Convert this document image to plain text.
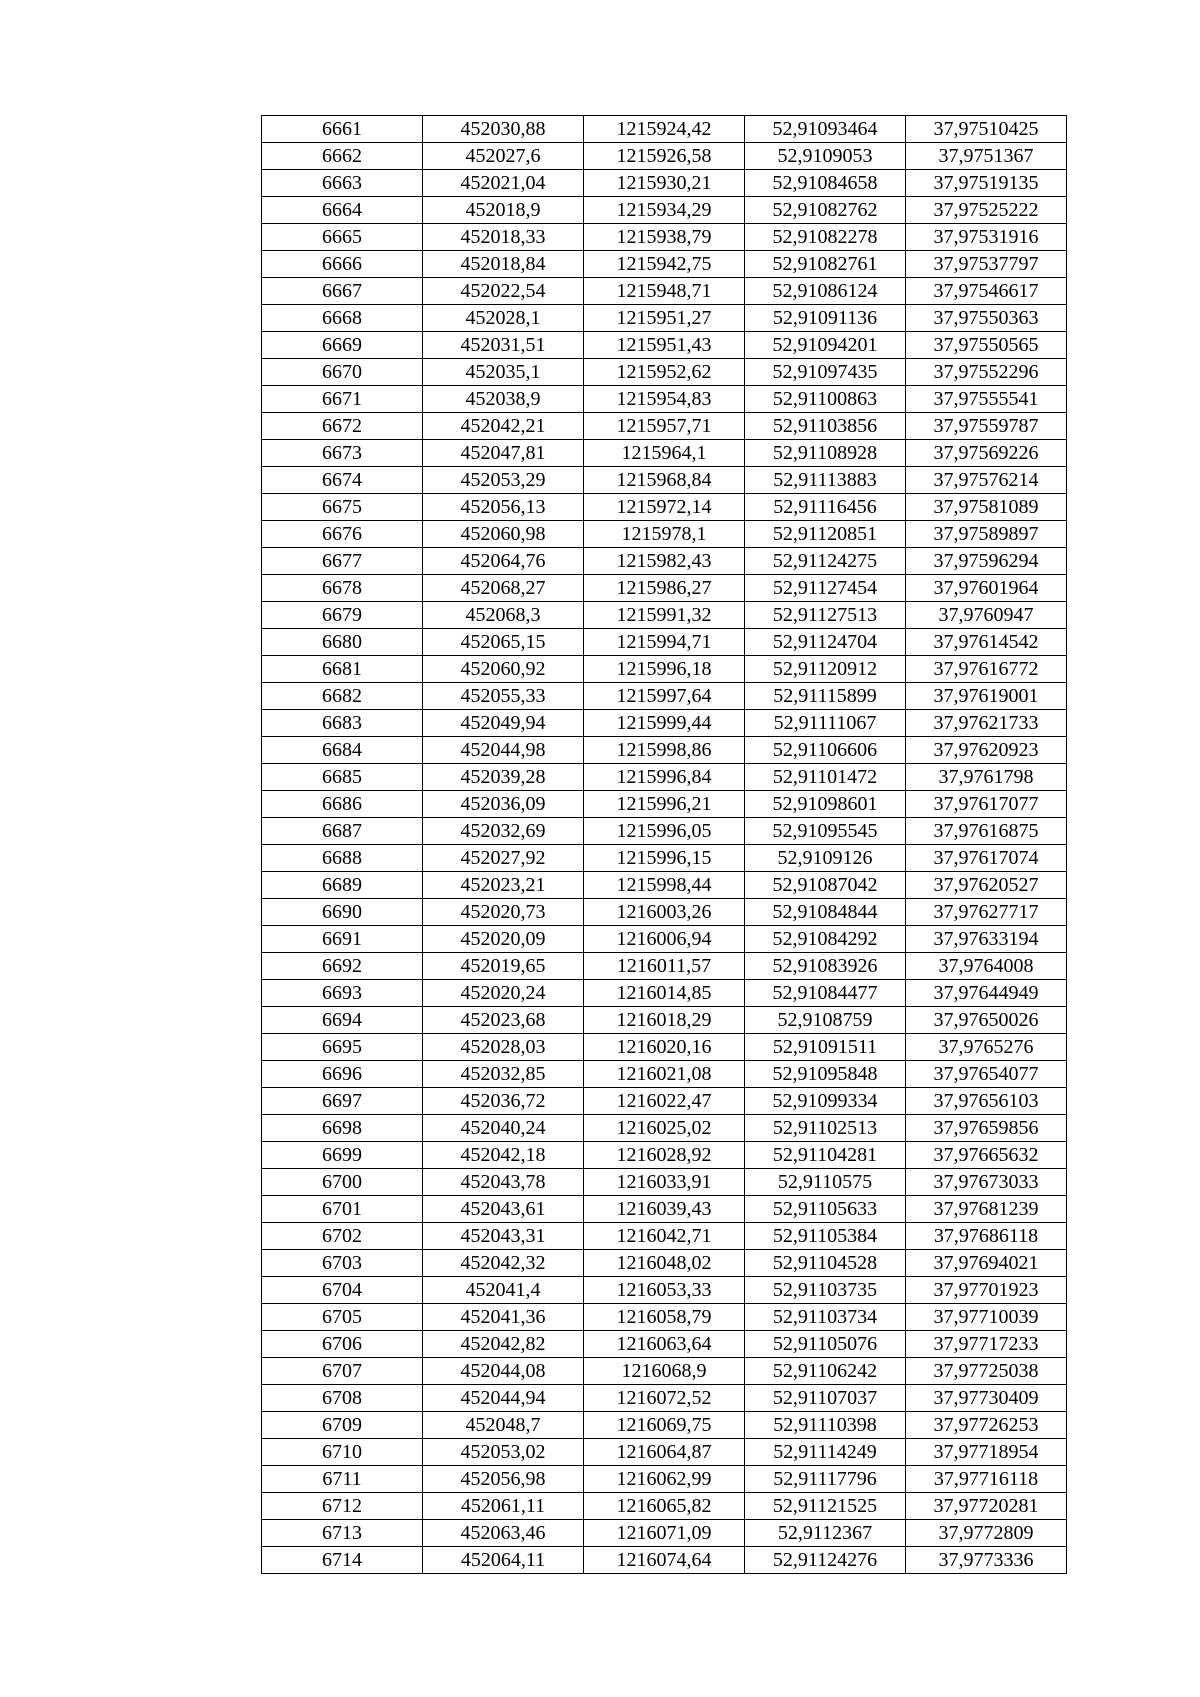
6661	452030,88	1215924,42	52,91093464	37,97510425
6662	452027,6	1215926,58	52,9109053	37,9751367
6663	452021,04	1215930,21	52,91084658	37,97519135
6664	452018,9	1215934,29	52,91082762	37,97525222
6665	452018,33	1215938,79	52,91082278	37,97531916
6666	452018,84	1215942,75	52,91082761	37,97537797
6667	452022,54	1215948,71	52,91086124	37,97546617
6668	452028,1	1215951,27	52,91091136	37,97550363
6669	452031,51	1215951,43	52,91094201	37,97550565
6670	452035,1	1215952,62	52,91097435	37,97552296
6671	452038,9	1215954,83	52,91100863	37,97555541
6672	452042,21	1215957,71	52,91103856	37,97559787
6673	452047,81	1215964,1	52,91108928	37,97569226
6674	452053,29	1215968,84	52,91113883	37,97576214
6675	452056,13	1215972,14	52,91116456	37,97581089
6676	452060,98	1215978,1	52,91120851	37,97589897
6677	452064,76	1215982,43	52,91124275	37,97596294
6678	452068,27	1215986,27	52,91127454	37,97601964
6679	452068,3	1215991,32	52,91127513	37,9760947
6680	452065,15	1215994,71	52,91124704	37,97614542
6681	452060,92	1215996,18	52,91120912	37,97616772
6682	452055,33	1215997,64	52,91115899	37,97619001
6683	452049,94	1215999,44	52,91111067	37,97621733
6684	452044,98	1215998,86	52,91106606	37,97620923
6685	452039,28	1215996,84	52,91101472	37,9761798
6686	452036,09	1215996,21	52,91098601	37,97617077
6687	452032,69	1215996,05	52,91095545	37,97616875
6688	452027,92	1215996,15	52,9109126	37,97617074
6689	452023,21	1215998,44	52,91087042	37,97620527
6690	452020,73	1216003,26	52,91084844	37,97627717
6691	452020,09	1216006,94	52,91084292	37,97633194
6692	452019,65	1216011,57	52,91083926	37,9764008
6693	452020,24	1216014,85	52,91084477	37,97644949
6694	452023,68	1216018,29	52,9108759	37,97650026
6695	452028,03	1216020,16	52,91091511	37,9765276
6696	452032,85	1216021,08	52,91095848	37,97654077
6697	452036,72	1216022,47	52,91099334	37,97656103
6698	452040,24	1216025,02	52,91102513	37,97659856
6699	452042,18	1216028,92	52,91104281	37,97665632
6700	452043,78	1216033,91	52,9110575	37,97673033
6701	452043,61	1216039,43	52,91105633	37,97681239
6702	452043,31	1216042,71	52,91105384	37,97686118
6703	452042,32	1216048,02	52,91104528	37,97694021
6704	452041,4	1216053,33	52,91103735	37,97701923
6705	452041,36	1216058,79	52,91103734	37,97710039
6706	452042,82	1216063,64	52,91105076	37,97717233
6707	452044,08	1216068,9	52,91106242	37,97725038
6708	452044,94	1216072,52	52,91107037	37,97730409
6709	452048,7	1216069,75	52,91110398	37,97726253
6710	452053,02	1216064,87	52,91114249	37,97718954
6711	452056,98	1216062,99	52,91117796	37,97716118
6712	452061,11	1216065,82	52,91121525	37,97720281
6713	452063,46	1216071,09	52,9112367	37,9772809
6714	452064,11	1216074,64	52,91124276	37,9773336
